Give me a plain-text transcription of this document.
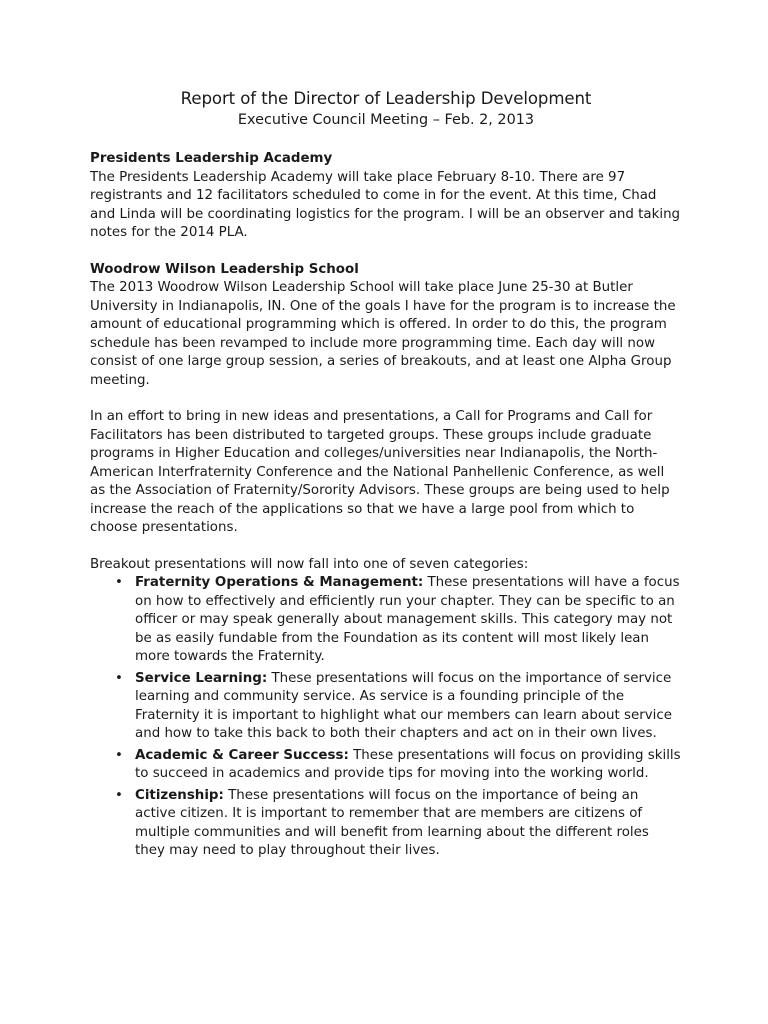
Report of the Director of Leadership Development
Executive Council Meeting – Feb. 2, 2013
Presidents Leadership Academy

The Presidents Leadership Academy will take place February 8-10. There are 97 registrants and 12 facilitators scheduled to come in for the event. At this time, Chad and Linda will be coordinating logistics for the program. I will be an observer and taking notes for the 2014 PLA.

Woodrow Wilson Leadership School

The 2013 Woodrow Wilson Leadership School will take place June 25-30 at Butler University in Indianapolis, IN. One of the goals I have for the program is to increase the amount of educational programming which is offered. In order to do this, the program schedule has been revamped to include more programming time. Each day will now consist of one large group session, a series of breakouts, and at least one Alpha Group meeting.

In an effort to bring in new ideas and presentations, a Call for Programs and Call for Facilitators has been distributed to targeted groups. These groups include graduate programs in Higher Education and colleges/universities near Indianapolis, the North-American Interfraternity Conference and the National Panhellenic Conference, as well as the Association of Fraternity/Sorority Advisors. These groups are being used to help increase the reach of the applications so that we have a large pool from which to choose presentations.

Breakout presentations will now fall into one of seven categories:

• Fraternity Operations & Management: These presentations will have a focus on how to effectively and efficiently run your chapter. They can be specific to an officer or may speak generally about management skills. This category may not be as easily fundable from the Foundation as its content will most likely lean more towards the Fraternity.
• Service Learning: These presentations will focus on the importance of service learning and community service. As service is a founding principle of the Fraternity it is important to highlight what our members can learn about service and how to take this back to both their chapters and act on in their own lives.
• Academic & Career Success: These presentations will focus on providing skills to succeed in academics and provide tips for moving into the working world.
• Citizenship: These presentations will focus on the importance of being an active citizen. It is important to remember that are members are citizens of multiple communities and will benefit from learning about the different roles they may need to play throughout their lives.
